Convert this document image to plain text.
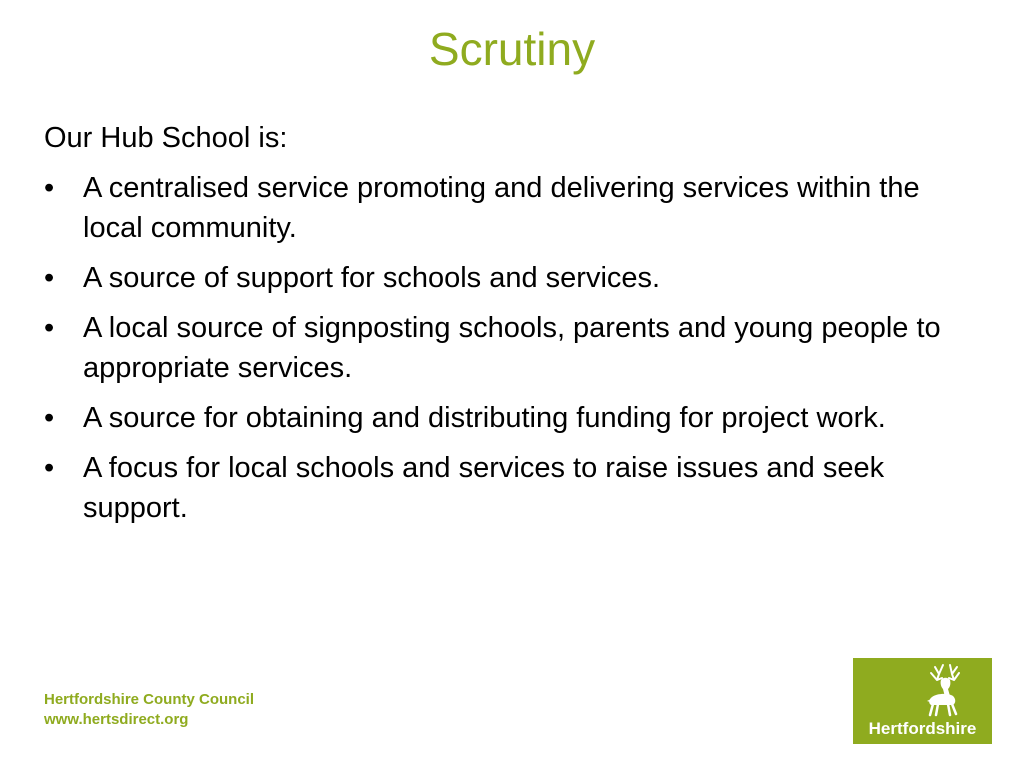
Scrutiny

Our Hub School is:

• A centralised service promoting and delivering services within the local community.
• A source of support for schools and services.
• A local source of signposting schools, parents and young people to appropriate services.
• A source for obtaining and distributing funding for project work.
• A focus for local schools and services to raise issues and seek support.
Hertfordshire County Council
www.hertsdirect.org	Hertfordshire
